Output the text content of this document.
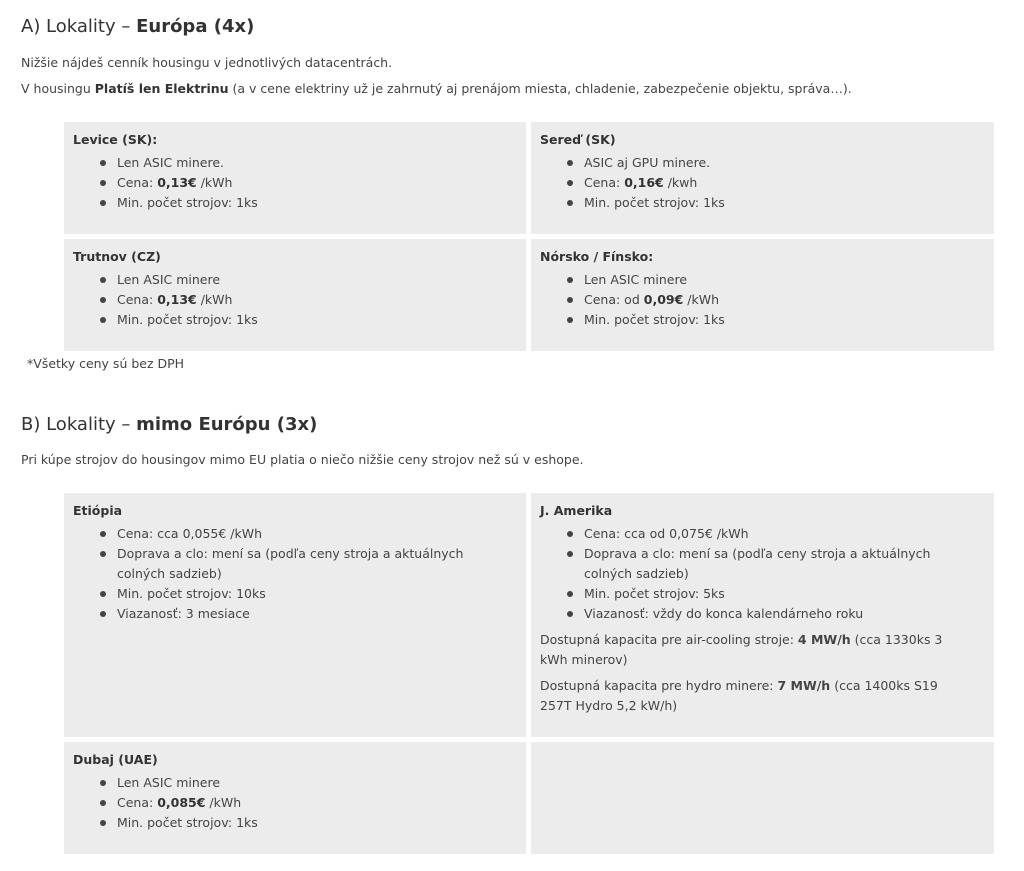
A) Lokality – Európa (4x)

Nižšie nájdeš cenník housingu v jednotlivých datacentrách.

V housingu Platíš len Elektrinu (a v cene elektriny už je zahrnutý aj prenájom miesta, chladenie, zabezpečenie objektu, správa…).

Levice (SK):

Len ASIC minere.
Cena: 0,13€ /kWh
Min. počet strojov: 1ks

Sereď (SK)

ASIC aj GPU minere.
Cena: 0,16€ /kwh
Min. počet strojov: 1ks

Trutnov (CZ)

Len ASIC minere
Cena: 0,13€ /kWh
Min. počet strojov: 1ks

Nórsko / Fínsko:

Len ASIC minere
Cena: od 0,09€ /kWh
Min. počet strojov: 1ks

*Všetky ceny sú bez DPH

B) Lokality – mimo Európu (3x)

Pri kúpe strojov do housingov mimo EU platia o niečo nižšie ceny strojov než sú v eshope.

Etiópia

Cena: cca 0,055€ /kWh
Doprava a clo: mení sa (podľa ceny stroja a aktuálnych colných sadzieb)
Min. počet strojov: 10ks
Viazanosť: 3 mesiace

J. Amerika

Cena: cca od 0,075€ /kWh
Doprava a clo: mení sa (podľa ceny stroja a aktuálnych colných sadzieb)
Min. počet strojov: 5ks
Viazanosť: vždy do konca kalendárneho roku

Dostupná kapacita pre air-cooling stroje: 4 MW/h (cca 1330ks 3 kWh minerov)

Dostupná kapacita pre hydro minere: 7 MW/h (cca 1400ks S19 257T Hydro 5,2 kW/h)

Dubaj (UAE)

Len ASIC minere
Cena: 0,085€ /kWh
Min. počet strojov: 1ks
